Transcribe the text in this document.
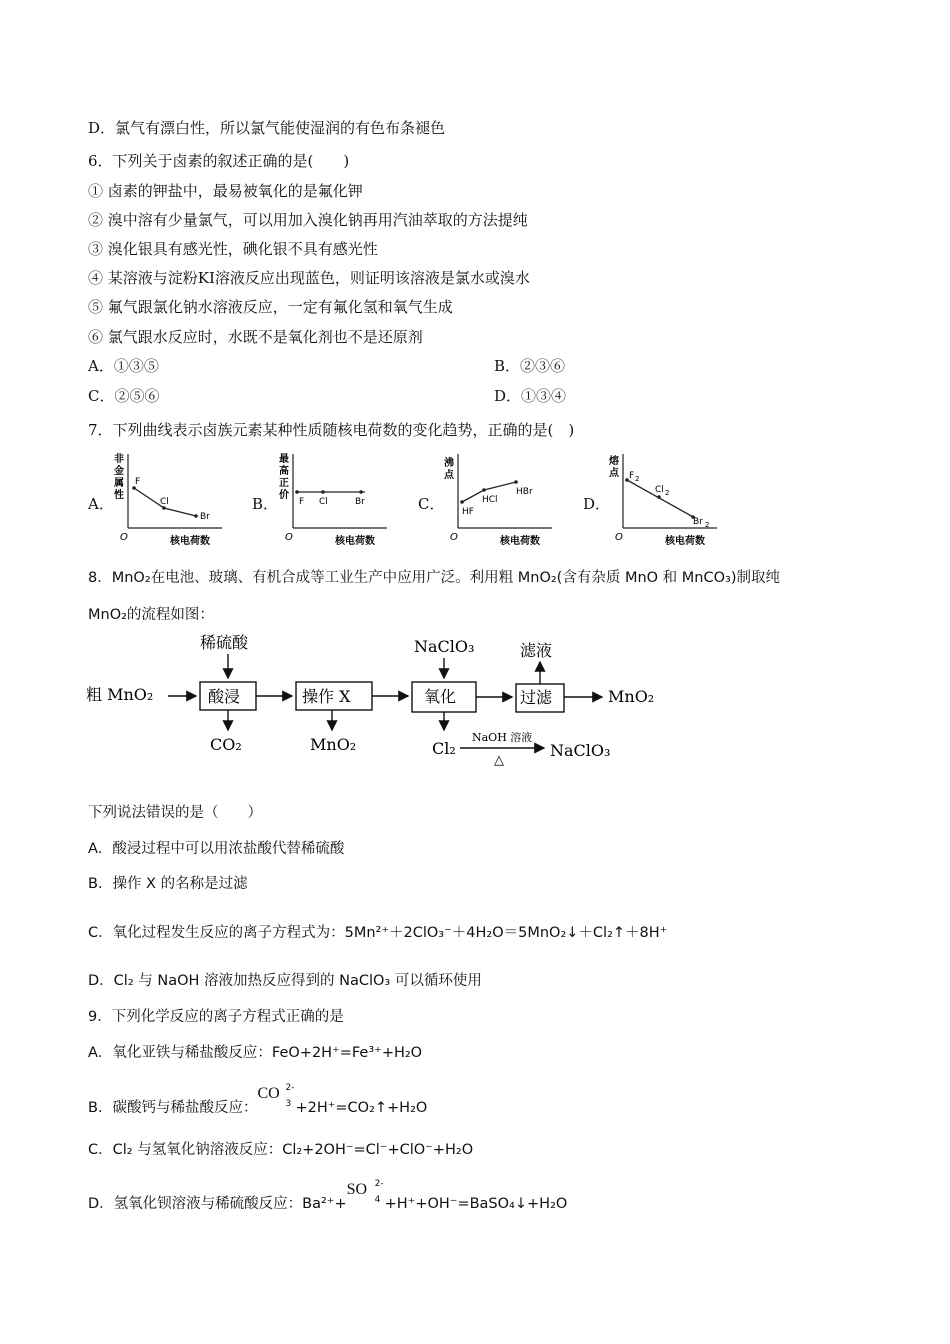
D．氯气有漂白性，所以氯气能使湿润的有色布条褪色
6．下列关于卤素的叙述正确的是(　　)
① 卤素的钾盐中，最易被氧化的是氟化钾
② 溴中溶有少量氯气，可以用加入溴化钠再用汽油萃取的方法提纯
③ 溴化银具有感光性，碘化银不具有感光性
④ 某溶液与淀粉KI溶液反应出现蓝色，则证明该溶液是氯水或溴水
⑤ 氟气跟氯化钠水溶液反应，一定有氟化氢和氧气生成
⑥ 氯气跟水反应时，水既不是氧化剂也不是还原剂
A．①③⑤	B．②③⑥
C．②⑤⑥	D．①③④
7．下列曲线表示卤族元素某种性质随核电荷数的变化趋势，正确的是(　)
A．	B．	C．	D．
非
金
属
性
F
Cl
Br
O	核电荷数
最
高
正
价
F Cl	Br
O	核电荷数
沸
点
HF
HCl
HBr
O	核电荷数
熔
点 F 2
Cl 2
Br 2
O	核电荷数
8．MnO₂在电池、玻璃、有机合成等工业生产中应用广泛。利用粗 MnO₂(含有杂质 MnO 和 MnCO₃)制取纯
MnO₂的流程如图：
粗 MnO₂
稀硫酸
CO₂	MnO₂
NaClO₃	滤液
MnO₂
Cl₂	NaClO₃
酸浸	操作 X	氧化	过滤
NaOH 溶液
△
下列说法错误的是（　　）
A．酸浸过程中可以用浓盐酸代替稀硫酸
B．操作 X 的名称是过滤
C．氧化过程发生反应的离子方程式为：5Mn²⁺＋2ClO₃⁻＋4H₂O＝5MnO₂↓＋Cl₂↑＋8H⁺
D．Cl₂ 与 NaOH 溶液加热反应得到的 NaClO₃ 可以循环使用
9．下列化学反应的离子方程式正确的是
A．氧化亚铁与稀盐酸反应：FeO+2H⁺=Fe³⁺+H₂O
B．碳酸钙与稀盐酸反应：
CO 2-
3 +2H⁺=CO₂↑+H₂O
C．Cl₂ 与氢氧化钠溶液反应：Cl₂+2OH⁻=Cl⁻+ClO⁻+H₂O
D．氢氧化钡溶液与稀硫酸反应：Ba²⁺+
SO 2-
4 +H⁺+OH⁻=BaSO₄↓+H₂O
